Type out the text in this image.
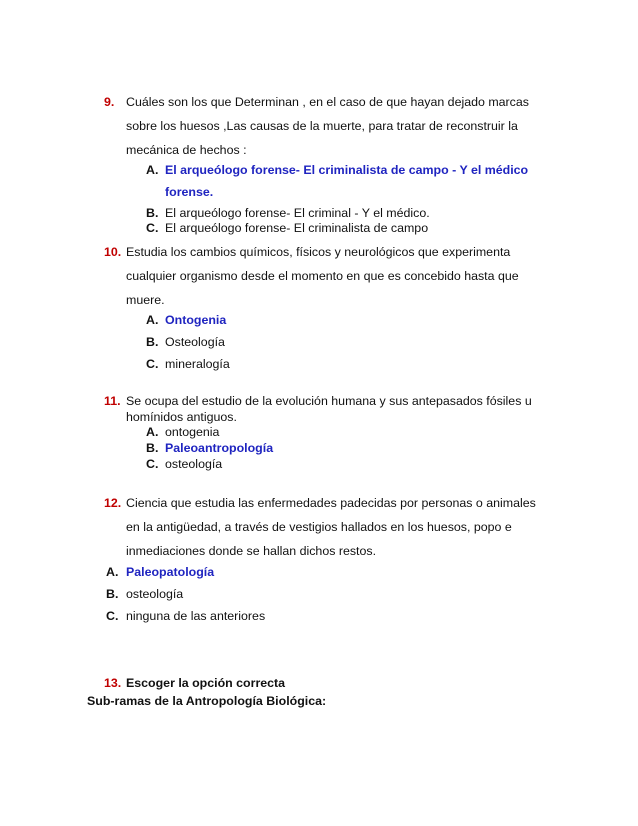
9. Cuáles son los que Determinan , en el caso de que hayan dejado marcas
sobre los huesos ,Las causas de la muerte, para tratar de reconstruir la
mecánica de hechos :
A. El arqueólogo forense- El criminalista de campo - Y el médico
forense.
B. El arqueólogo forense- El criminal - Y el médico.
C. El arqueólogo forense- El criminalista de campo
10. Estudia los cambios químicos, físicos y neurológicos que experimenta
cualquier organismo desde el momento en que es concebido hasta que
muere.
A. Ontogenia
B. Osteología
C. mineralogía
11. Se ocupa del estudio de la evolución humana y sus antepasados fósiles u
homínidos antiguos.
A. ontogenia
B. Paleoantropología
C. osteología
12. Ciencia que estudia las enfermedades padecidas por personas o animales
en la antigüedad, a través de vestigios hallados en los huesos, popo e
inmediaciones donde se hallan dichos restos.
A. Paleopatología
B. osteología
C. ninguna de las anteriores
13. Escoger la opción correcta
Sub-ramas de la Antropología Biológica:
